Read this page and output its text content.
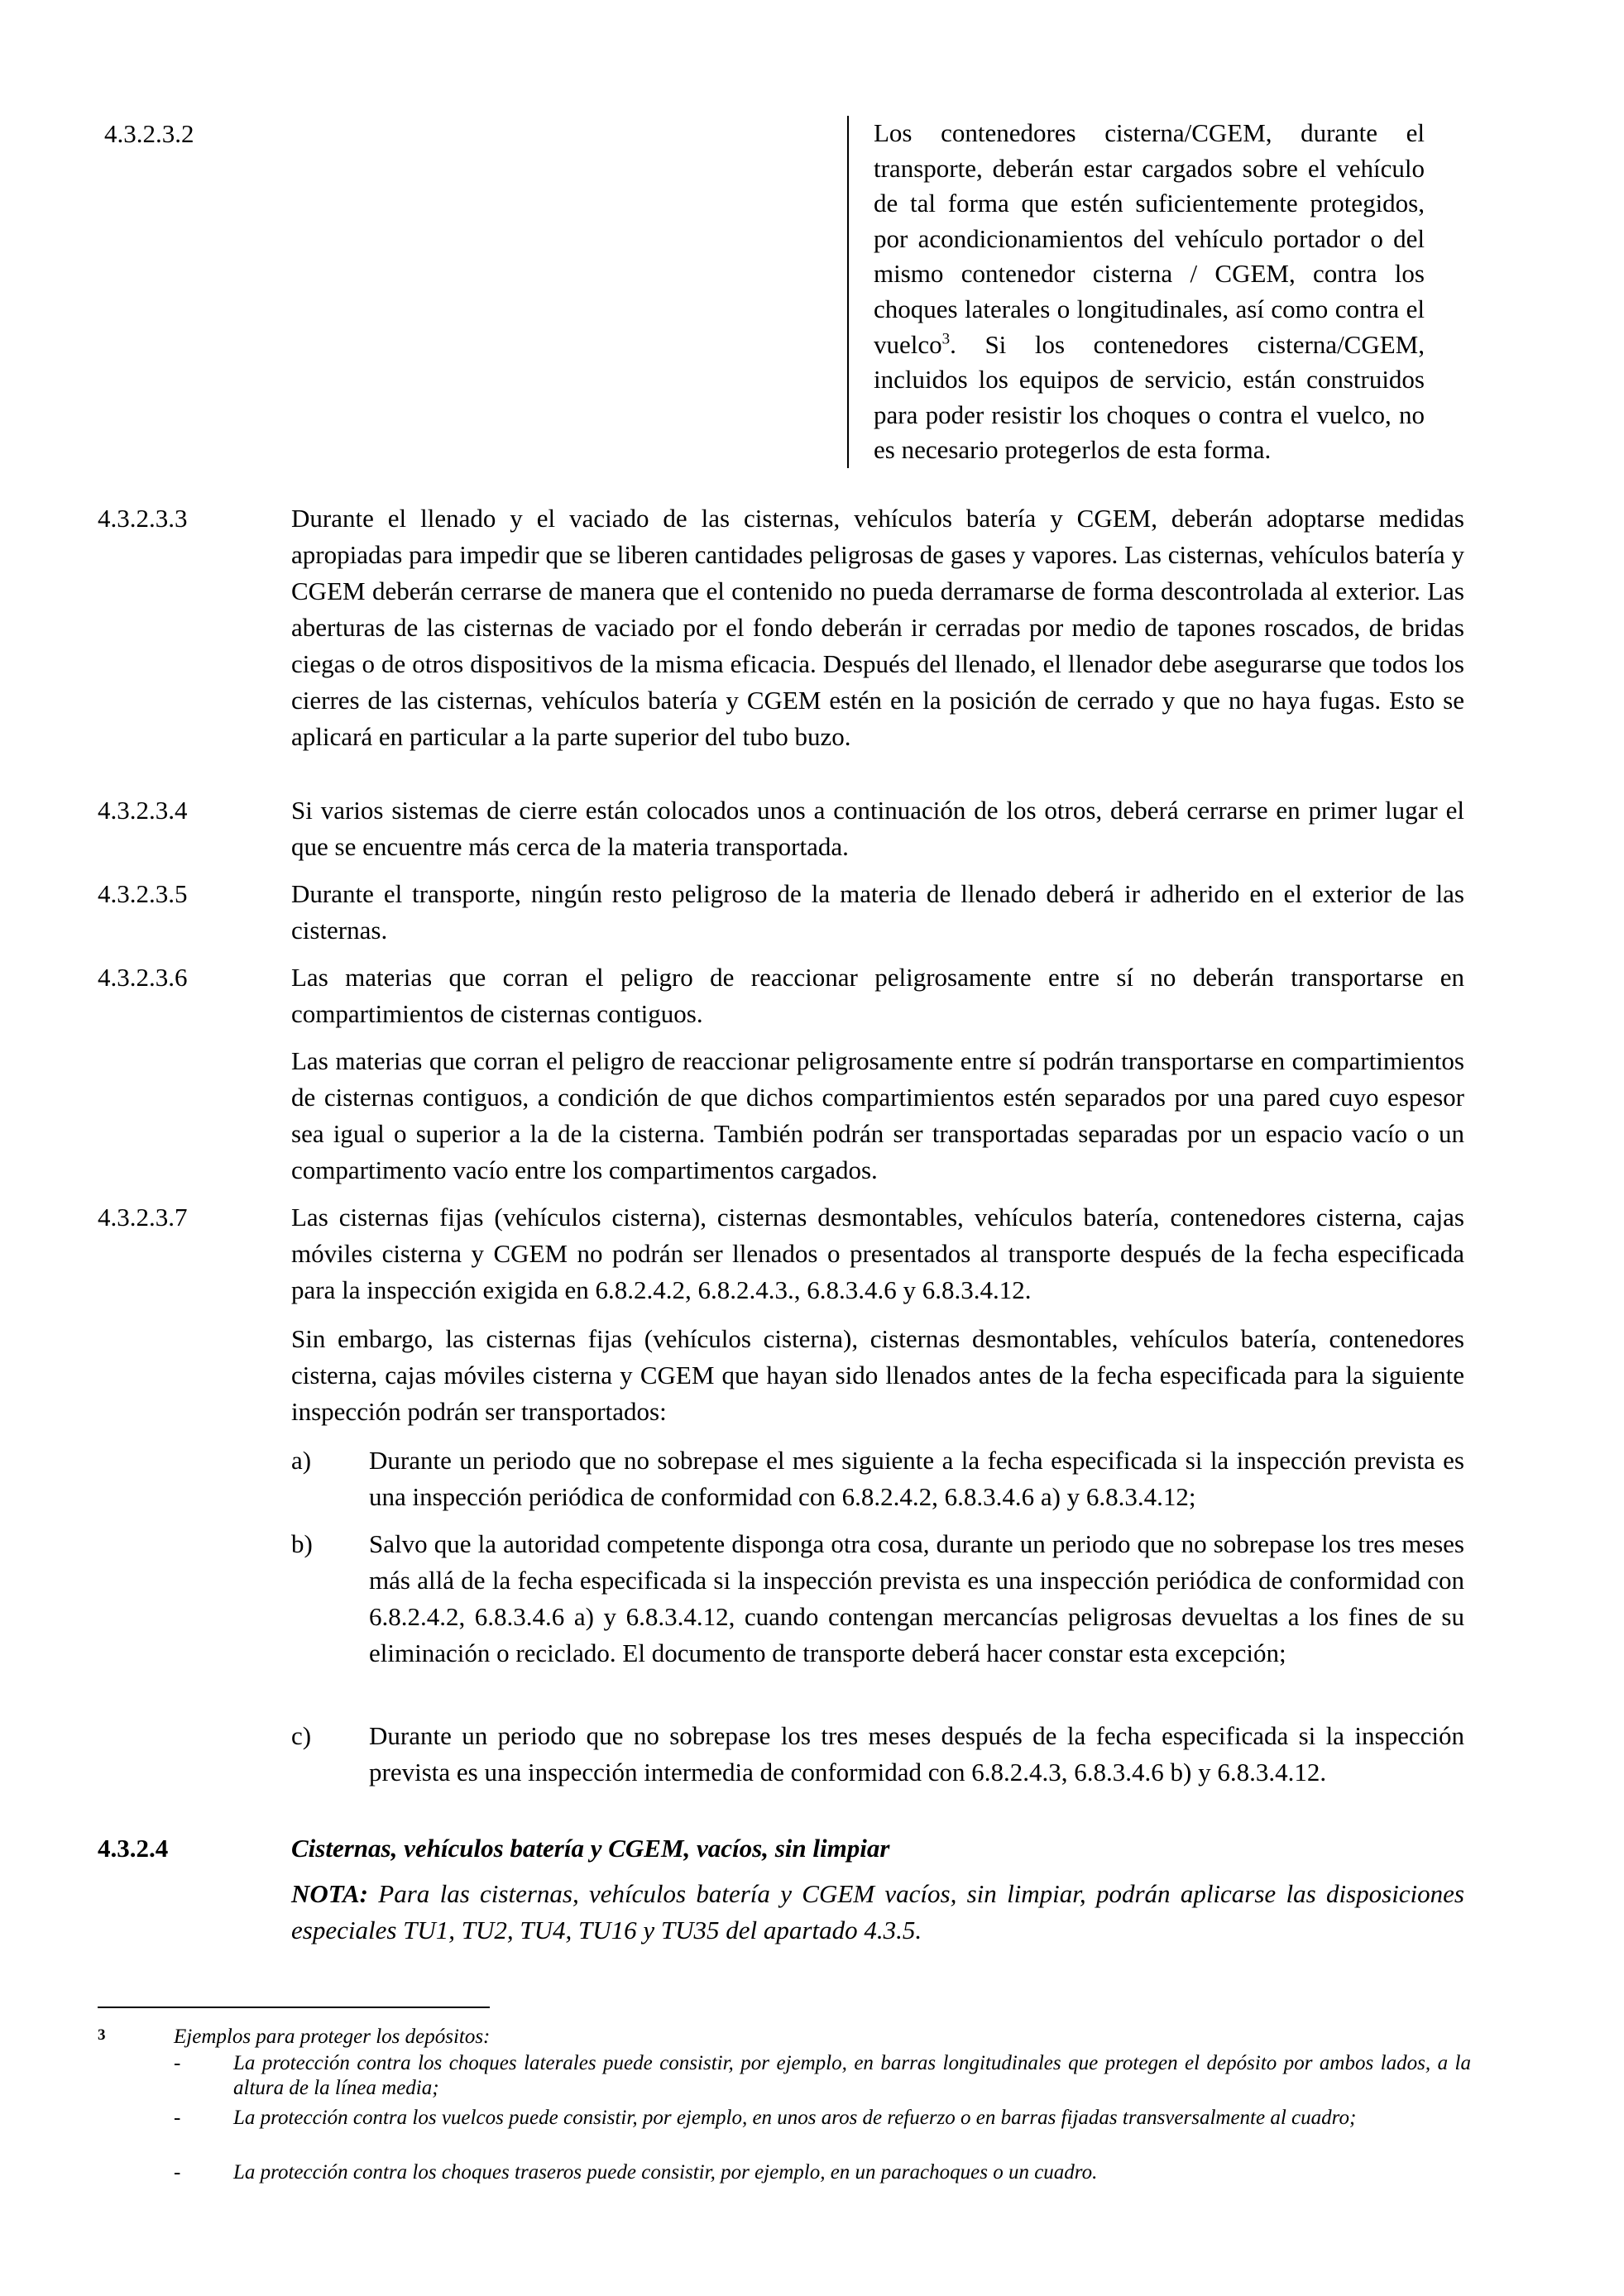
4.3.2.3.2	Los contenedores cisterna/CGEM, durante el transporte, deberán estar cargados sobre el vehículo de tal forma que estén suficientemente protegidos, por acondicionamientos del vehículo portador o del mismo contenedor cisterna / CGEM, contra los choques laterales o longitudinales, así como contra el vuelco$^3$. Si los contenedores cisterna/CGEM, incluidos los equipos de servicio, están construidos para poder resistir los choques o contra el vuelco, no es necesario protegerlos de esta forma.
4.3.2.3.3	Durante el llenado y el vaciado de las cisternas, vehículos batería y CGEM, deberán adoptarse medidas apropiadas para impedir que se liberen cantidades peligrosas de gases y vapores. Las cisternas, vehículos batería y CGEM deberán cerrarse de manera que el contenido no pueda derramarse de forma descontrolada al exterior. Las aberturas de las cisternas de vaciado por el fondo deberán ir cerradas por medio de tapones roscados, de bridas ciegas o de otros dispositivos de la misma eficacia. Después del llenado, el llenador debe asegurarse que todos los cierres de las cisternas, vehículos batería y CGEM estén en la posición de cerrado y que no haya fugas. Esto se aplicará en particular a la parte superior del tubo buzo.

4.3.2.3.4	Si varios sistemas de cierre están colocados unos a continuación de los otros, deberá cerrarse en primer lugar el que se encuentre más cerca de la materia transportada.

4.3.2.3.5	Durante el transporte, ningún resto peligroso de la materia de llenado deberá ir adherido en el exterior de las cisternas.

4.3.2.3.6	Las materias que corran el peligro de reaccionar peligrosamente entre sí no deberán transportarse en compartimientos de cisternas contiguos.

Las materias que corran el peligro de reaccionar peligrosamente entre sí podrán transportarse en compartimientos de cisternas contiguos, a condición de que dichos compartimientos estén separados por una pared cuyo espesor sea igual o superior a la de la cisterna. También podrán ser transportadas separadas por un espacio vacío o un compartimento vacío entre los compartimentos cargados.

4.3.2.3.7	Las cisternas fijas (vehículos cisterna), cisternas desmontables, vehículos batería, contenedores cisterna, cajas móviles cisterna y CGEM no podrán ser llenados o presentados al transporte después de la fecha especificada para la inspección exigida en 6.8.2.4.2, 6.8.2.4.3., 6.8.3.4.6 y 6.8.3.4.12.

Sin embargo, las cisternas fijas (vehículos cisterna), cisternas desmontables, vehículos batería, contenedores cisterna, cajas móviles cisterna y CGEM que hayan sido llenados antes de la fecha especificada para la siguiente inspección podrán ser transportados:

a) Durante un periodo que no sobrepase el mes siguiente a la fecha especificada si la inspección prevista es una inspección periódica de conformidad con 6.8.2.4.2, 6.8.3.4.6 a) y 6.8.3.4.12;

b) Salvo que la autoridad competente disponga otra cosa, durante un periodo que no sobrepase los tres meses más allá de la fecha especificada si la inspección prevista es una inspección periódica de conformidad con 6.8.2.4.2, 6.8.3.4.6 a) y 6.8.3.4.12, cuando contengan mercancías peligrosas devueltas a los fines de su eliminación o reciclado. El documento de transporte deberá hacer constar esta excepción;

c) Durante un periodo que no sobrepase los tres meses después de la fecha especificada si la inspección prevista es una inspección intermedia de conformidad con 6.8.2.4.3, 6.8.3.4.6 b) y 6.8.3.4.12.

4.3.2.4	Cisternas, vehículos batería y CGEM, vacíos, sin limpiar

NOTA: Para las cisternas, vehículos batería y CGEM vacíos, sin limpiar, podrán aplicarse las disposiciones especiales TU1, TU2, TU4, TU16 y TU35 del apartado 4.3.5.

3	Ejemplos para proteger los depósitos:
-	La protección contra los choques laterales puede consistir, por ejemplo, en barras longitudinales que protegen el depósito por ambos lados, a la altura de la línea media;
-	La protección contra los vuelcos puede consistir, por ejemplo, en unos aros de refuerzo o en barras fijadas transversalmente al cuadro;
-	La protección contra los choques traseros puede consistir, por ejemplo, en un parachoques o un cuadro.
